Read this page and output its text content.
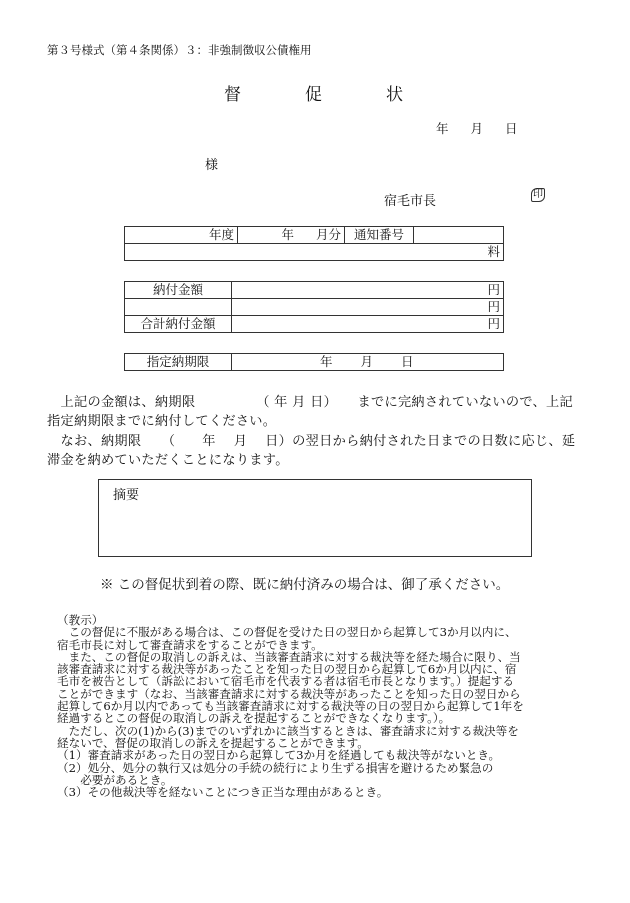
第３号様式（第４条関係）３：非強制徴収公債権用
督	促	状
年 月 日
様
宿毛市長	印
年度	年 月分	通知番号	
料
納付金額	円
	円
合計納付金額	円
指定納期限	年 月 日
　上記の金額は、納期限　　　　　（ 年 月 日）　　までに完納されていないので、上記
指定納期限までに納付してください。
　なお、納期限　　（　　年　 月　 日）の翌日から納付された日までの日数に応じ、延
滞金を納めていただくことになります。
摘要
※ この督促状到着の際、既に納付済みの場合は、御了承ください。
（教示）
　この督促に不服がある場合は、この督促を受けた日の翌日から起算して3か月以内に、
宿毛市長に対して審査請求をすることができます。
　また、この督促の取消しの訴えは、当該審査請求に対する裁決等を経た場合に限り、当
該審査請求に対する裁決等があったことを知った日の翌日から起算して6か月以内に、宿
毛市を被告として（訴訟において宿毛市を代表する者は宿毛市長となります。）提起する
ことができます（なお、当該審査請求に対する裁決等があったことを知った日の翌日から
起算して6か月以内であっても当該審査請求に対する裁決等の日の翌日から起算して1年を
経過するとこの督促の取消しの訴えを提起することができなくなります。）。
　ただし、次の(1)から(3)までのいずれかに該当するときは、審査請求に対する裁決等を
経ないで、督促の取消しの訴えを提起することができます。
（1）審査請求があった日の翌日から起算して3か月を経過しても裁決等がないとき。
（2）処分、処分の執行又は処分の手続の続行により生ずる損害を避けるため緊急の
　　必要があるとき。
（3）その他裁決等を経ないことにつき正当な理由があるとき。
